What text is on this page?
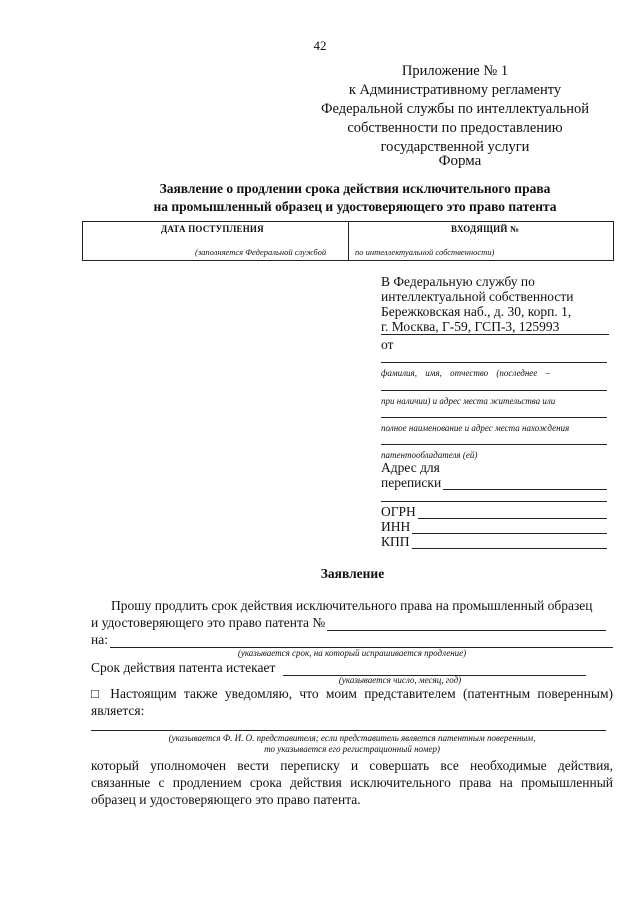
42
Приложение № 1
к Административному регламенту
Федеральной службы по интеллектуальной
собственности по предоставлению
государственной услуги
Форма
Заявление о продлении срока действия исключительного права
на промышленный образец и удостоверяющего это право патента
ДАТА ПОСТУПЛЕНИЯ	ВХОДЯЩИЙ №
(заполняется Федеральной службой	по интеллектуальной собственности)
В Федеральную службу по
интеллектуальной собственности
Бережковская наб., д. 30, корп. 1,
г. Москва, Г-59, ГСП-3, 125993
от
фамилия, имя, отчество (последнее –
при наличии) и адрес места жительства или
полное наименование и адрес места нахождения
патентообладателя (ей)
Адрес для
переписки
ОГРН
ИНН
КПП
Заявление
Прошу продлить срок действия исключительного права на промышленный образец
и удостоверяющего это право патента №
на:
(указывается срок, на который испрашивается продление)
Срок действия патента истекает
(указывается число, месяц, год)
□ Настоящим также уведомляю, что моим представителем (патентным поверенным)
является:
(указывается Ф. И. О. представителя; если представитель является патентным поверенным,
то указывается его регистрационный номер)
который уполномочен вести переписку и совершать все необходимые действия,
связанные с продлением срока действия исключительного права на промышленный
образец и удостоверяющего это право патента.
